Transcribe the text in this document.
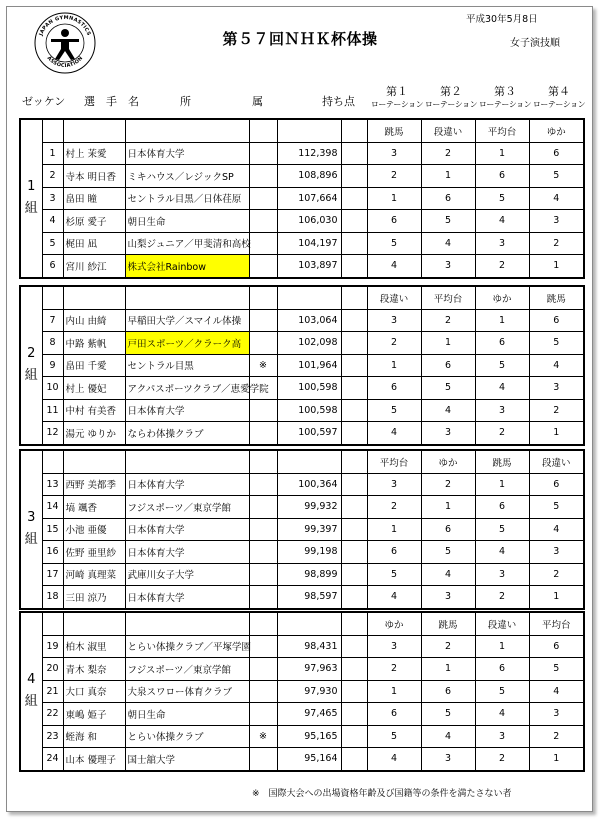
JAPAN GYMNASTICS
ASSOCIATION
第５７回ＮＨＫ杯体操
平成30年5月8日
女子演技順
ゼッケン 選　手　名	所	属	持ち点
第１
ローテーション
第２
ローテーション
第３
ローテーション
第４
ローテーション
1
組							跳馬	段違い	平均台	ゆか
	1	村上 茉愛	日本体育大学		112,398		3	2	1	6
	2	寺本 明日香	ミキハウス／レジックSP		108,896		2	1	6	5
	3	畠田 瞳	セントラル目黒／日体荏原		107,664		1	6	5	4
	4	杉原 愛子	朝日生命		106,030		6	5	4	3
	5	梶田 凪	山梨ジュニア／甲斐清和高校		104,197		5	4	3	2
	6	宮川 紗江	株式会社Rainbow		103,897		4	3	2	1
2
組							段違い	平均台	ゆか	跳馬
	7	内山 由綺	早稲田大学／スマイル体操		103,064		3	2	1	6
	8	中路 紫帆	戸田スポーツ／クラーク高		102,098		2	1	6	5
	9	畠田 千愛	セントラル目黒	※	101,964		1	6	5	4
	10	村上 優妃	アクパスポーツクラブ／恵愛学院		100,598		6	5	4	3
	11	中村 有美香	日本体育大学		100,598		5	4	3	2
	12	湯元 ゆりか	ならわ体操クラブ		100,597		4	3	2	1
3
組							平均台	ゆか	跳馬	段違い
	13	西野 美都季	日本体育大学		100,364		3	2	1	6
	14	塙 颯香	フジスポーツ／東京学館		99,932		2	1	6	5
	15	小池 亜優	日本体育大学		99,397		1	6	5	4
	16	佐野 亜里紗	日本体育大学		99,198		6	5	4	3
	17	河崎 真理菜	武庫川女子大学		98,899		5	4	3	2
	18	三田 涼乃	日本体育大学		98,597		4	3	2	1
4
組							ゆか	跳馬	段違い	平均台
	19	柏木 淑里	とらい体操クラブ／平塚学園		98,431		3	2	1	6
	20	青木 梨奈	フジスポーツ／東京学館		97,963		2	1	6	5
	21	大口 真奈	大泉スワロー体育クラブ		97,930		1	6	5	4
	22	東嶋 姫子	朝日生命		97,465		6	5	4	3
	23	蛭海 和	とらい体操クラブ	※	95,165		5	4	3	2
	24	山本 優理子	国士舘大学		95,164		4	3	2	1
※　国際大会への出場資格年齢及び国籍等の条件を満たさない者
